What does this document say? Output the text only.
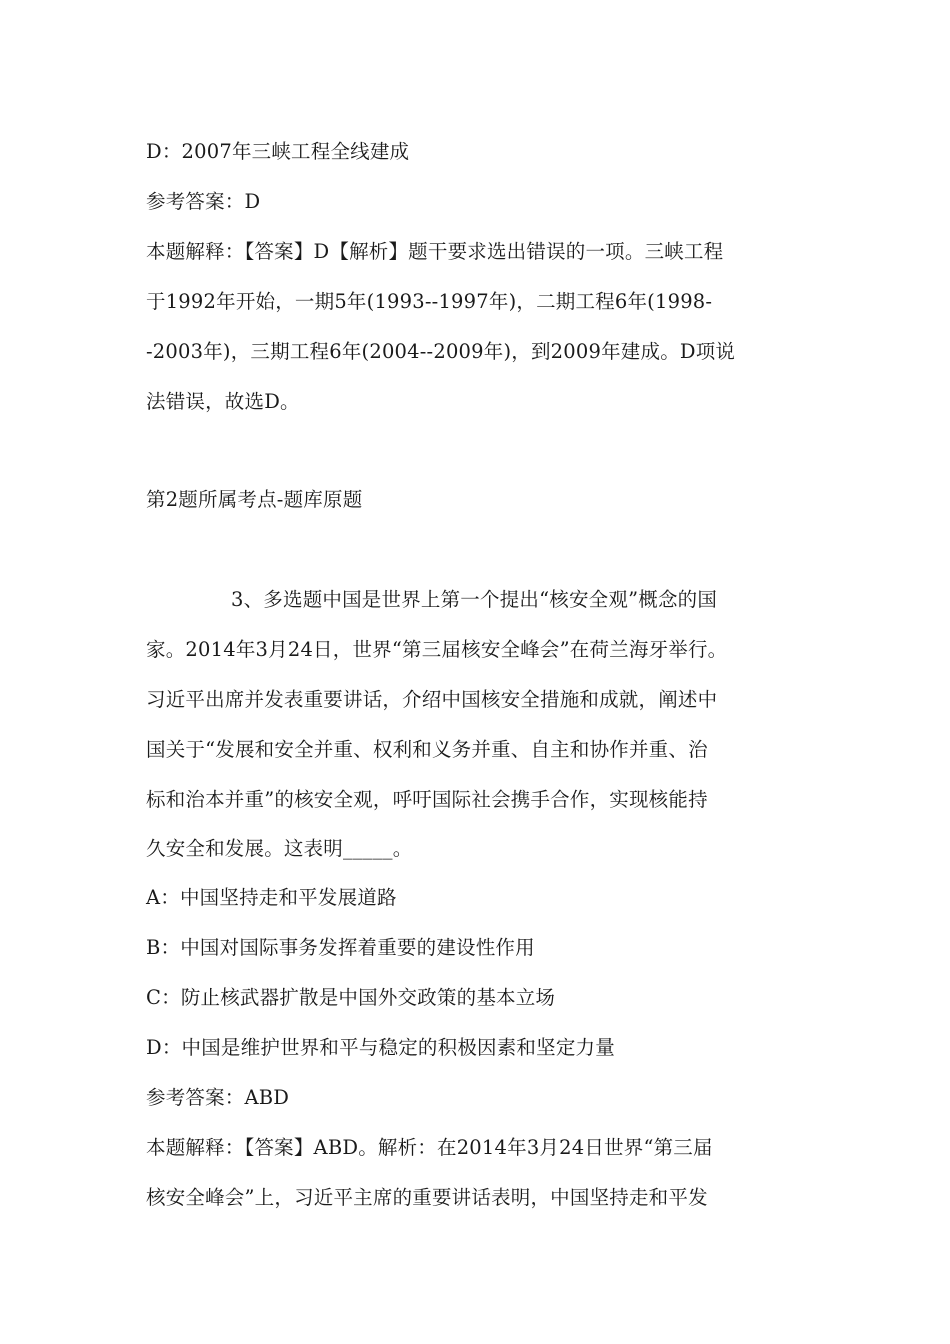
D：2007年三峡工程全线建成
参考答案：D
本题解释：【答案】D【解析】题干要求选出错误的一项。三峡工程
于1992年开始，一期5年(1993--1997年)，二期工程6年(1998-
-2003年)，三期工程6年(2004--2009年)，到2009年建成。D项说
法错误，故选D。
第2题所属考点-题库原题
3、多选题中国是世界上第一个提出“核安全观”概念的国
家。2014年3月24日，世界“第三届核安全峰会”在荷兰海牙举行。
习近平出席并发表重要讲话，介绍中国核安全措施和成就，阐述中
国关于“发展和安全并重、权利和义务并重、自主和协作并重、治
标和治本并重”的核安全观，呼吁国际社会携手合作，实现核能持
久安全和发展。这表明_____。
A：中国坚持走和平发展道路
B：中国对国际事务发挥着重要的建设性作用
C：防止核武器扩散是中国外交政策的基本立场
D：中国是维护世界和平与稳定的积极因素和坚定力量
参考答案：ABD
本题解释：【答案】ABD。解析：在2014年3月24日世界“第三届
核安全峰会”上，习近平主席的重要讲话表明，中国坚持走和平发
